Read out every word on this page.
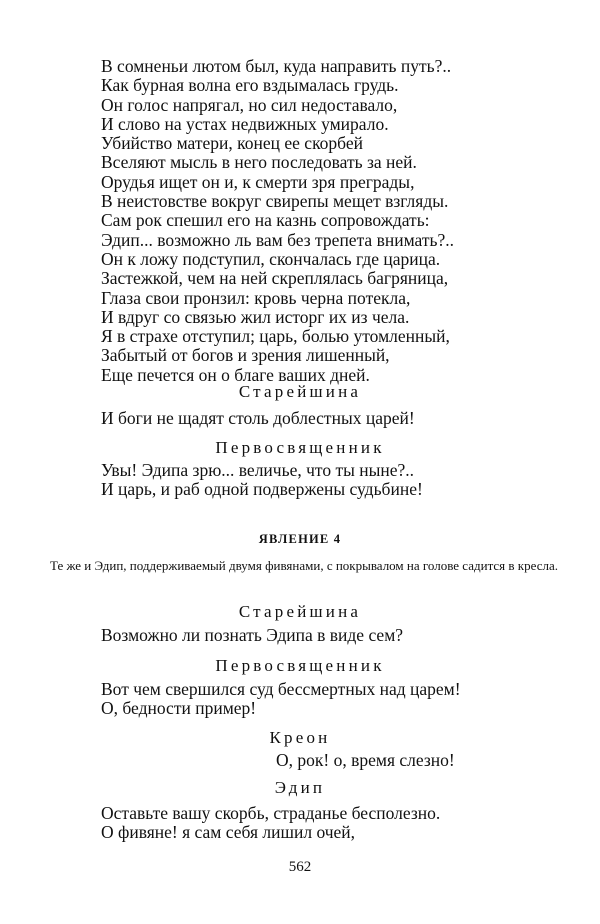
В сомненьи лютом был, куда направить путь?..
Как бурная волна его вздымалась грудь.
Он голос напрягал, но сил недоставало,
И слово на устах недвижных умирало.
Убийство матери, конец ее скорбей
Вселяют мысль в него последовать за ней.
Орудья ищет он и, к смерти зря преграды,
В неистовстве вокруг свирепы мещет взгляды.
Сам рок спешил его на казнь сопровождать:
Эдип... возможно ль вам без трепета внимать?..
Он к ложу подступил, скончалась где царица.
Застежкой, чем на ней скреплялась багряница,
Глаза свои пронзил: кровь черна потекла,
И вдруг со связью жил исторг их из чела.
Я в страхе отступил; царь, болью утомленный,
Забытый от богов и зрения лишенный,
Еще печется он о благе ваших дней.
Старейшина
И боги не щадят столь доблестных царей!
Первосвященник
Увы! Эдипа зрю... величье, что ты ныне?..
И царь, и раб одной подвержены судьбине!
ЯВЛЕНИЕ 4
Те же и Эдип, поддерживаемый двумя фивянами, с покрывалом на голове садится в кресла.
Старейшина
Возможно ли познать Эдипа в виде сем?
Первосвященник
Вот чем свершился суд бессмертных над царем!
О, бедности пример!
Креон
О, рок! о, время слезно!
Эдип
Оставьте вашу скорбь, страданье бесполезно.
О фивяне! я сам себя лишил очей,
562
